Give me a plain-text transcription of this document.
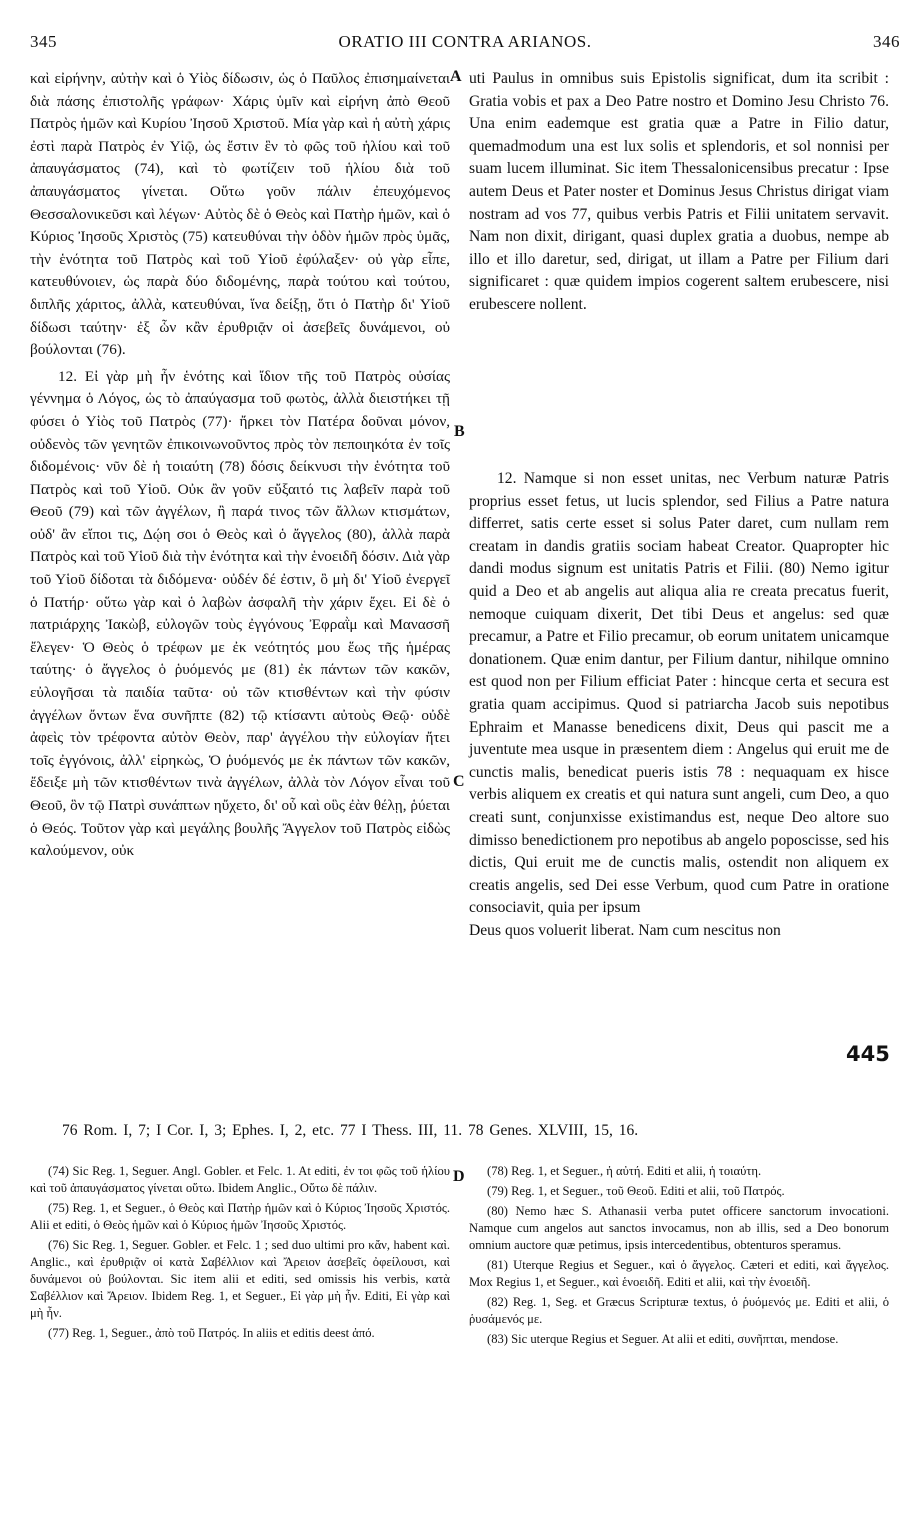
345	ORATIO III CONTRA ARIANOS.	346

καὶ εἰρήνην, αὐτὴν καὶ ὁ Υἱὸς δίδωσιν, ὡς ὁ Παῦλος ἐπισημαίνεται διὰ πάσης ἐπιστολῆς γράφων· Χάρις ὑμῖν καὶ εἰρήνη ἀπὸ Θεοῦ Πατρὸς ἡμῶν καὶ Κυρίου Ἰησοῦ Χριστοῦ. Μία γὰρ καὶ ἡ αὐτὴ χάρις ἐστὶ παρὰ Πατρὸς ἐν Υἱῷ, ὡς ἔστιν ἓν τὸ φῶς τοῦ ἡλίου καὶ τοῦ ἀπαυγάσματος (74), καὶ τὸ φωτίζειν τοῦ ἡλίου διὰ τοῦ ἀπαυγάσματος γίνεται. Οὕτω γοῦν πάλιν ἐπευχόμενος Θεσσαλονικεῦσι καὶ λέγων· Αὐτὸς δὲ ὁ Θεὸς καὶ Πατὴρ ἡμῶν, καὶ ὁ Κύριος Ἰησοῦς Χριστὸς (75) κατευθύναι τὴν ὁδὸν ἡμῶν πρὸς ὑμᾶς, τὴν ἑνότητα τοῦ Πατρὸς καὶ τοῦ Υἱοῦ ἐφύλαξεν· οὐ γὰρ εἶπε, κατευθύνοιεν, ὡς παρὰ δύο διδομένης, παρὰ τούτου καὶ τούτου, διπλῆς χάριτος, ἀλλὰ, κατευθύναι, ἵνα δείξῃ, ὅτι ὁ Πατὴρ δι' Υἱοῦ δίδωσι ταύτην· ἐξ ὧν κἂν ἐρυθριᾷν οἱ ἀσεβεῖς δυνάμενοι, οὐ βούλονται (76).

12. Εἰ γὰρ μὴ ἦν ἑνότης καὶ ἴδιον τῆς τοῦ Πατρὸς οὐσίας γέννημα ὁ Λόγος, ὡς τὸ ἀπαύγασμα τοῦ φωτὸς, ἀλλὰ διειστήκει τῇ φύσει ὁ Υἱὸς τοῦ Πατρὸς (77)· ἤρκει τὸν Πατέρα δοῦναι μόνον, οὐδενὸς τῶν γενητῶν ἐπικοινωνοῦντος πρὸς τὸν πεποιηκότα ἐν τοῖς διδομένοις· νῦν δὲ ἡ τοιαύτη (78) δόσις δείκνυσι τὴν ἑνότητα τοῦ Πατρὸς καὶ τοῦ Υἱοῦ. Οὐκ ἂν γοῦν εὔξαιτό τις λαβεῖν παρὰ τοῦ Θεοῦ (79) καὶ τῶν ἀγγέλων, ἢ παρά τινος τῶν ἄλλων κτισμάτων, οὐδ' ἂν εἴποι τις, Δῴη σοι ὁ Θεὸς καὶ ὁ ἄγγελος (80), ἀλλὰ παρὰ Πατρὸς καὶ τοῦ Υἱοῦ διὰ τὴν ἑνότητα καὶ τὴν ἑνοειδῆ δόσιν. Διὰ γὰρ τοῦ Υἱοῦ δίδοται τὰ διδόμενα· οὐδέν δέ ἐστιν, ὃ μὴ δι' Υἱοῦ ἐνεργεῖ ὁ Πατήρ· οὕτω γὰρ καὶ ὁ λαβὼν ἀσφαλῆ τὴν χάριν ἔχει. Εἰ δὲ ὁ πατριάρχης Ἰακὼβ, εὐλογῶν τοὺς ἐγγόνους Ἐφραῒμ καὶ Μανασσῆ ἔλεγεν· Ὁ Θεὸς ὁ τρέφων με ἐκ νεότητός μου ἕως τῆς ἡμέρας ταύτης· ὁ ἄγγελος ὁ ῥυόμενός με (81) ἐκ πάντων τῶν κακῶν, εὐλογῆσαι τὰ παιδία ταῦτα· οὐ τῶν κτισθέντων καὶ τὴν φύσιν ἀγγέλων ὄντων ἕνα συνῆπτε (82) τῷ κτίσαντι αὐτοὺς Θεῷ· οὐδὲ ἀφεὶς τὸν τρέφοντα αὐτὸν Θεὸν, παρ' ἀγγέλου τὴν εὐλογίαν ἤτει τοῖς ἐγγόνοις, ἀλλ' εἰρηκὼς, Ὁ ῥυόμενός με ἐκ πάντων τῶν κακῶν, ἔδειξε μὴ τῶν κτισθέντων τινὰ ἀγγέλων, ἀλλὰ τὸν Λόγον εἶναι τοῦ Θεοῦ, ὃν τῷ Πατρὶ συνάπτων ηὔχετο, δι' οὗ καὶ οὓς ἐὰν θέλῃ, ῥύεται ὁ Θεός. Τοῦτον γὰρ καὶ μεγάλης βουλῆς Ἄγγελον τοῦ Πατρὸς εἰδὼς καλούμενον, οὐκ

uti Paulus in omnibus suis Epistolis significat, dum ita scribit : Gratia vobis et pax a Deo Patre nostro et Domino Jesu Christo 76. Una enim eademque est gratia quæ a Patre in Filio datur, quemadmodum una est lux solis et splendoris, et sol nonnisi per suam lucem illuminat. Sic item Thessalonicensibus precatur : Ipse autem Deus et Pater noster et Dominus Jesus Christus dirigat viam nostram ad vos 77, quibus verbis Patris et Filii unitatem servavit. Nam non dixit, dirigant, quasi duplex gratia a duobus, nempe ab illo et illo daretur, sed, dirigat, ut illam a Patre per Filium dari significaret : quæ quidem impios cogerent saltem erubescere, nisi erubescere nollent.

12. Namque si non esset unitas, nec Verbum naturæ Patris proprius esset fetus, ut lucis splendor, sed Filius a Patre natura differret, satis certe esset si solus Pater daret, cum nullam rem creatam in dandis gratiis sociam habeat Creator. Quapropter hic dandi modus signum est unitatis Patris et Filii. (80) Nemo igitur quid a Deo et ab angelis aut aliqua alia re creata precatus fuerit, nemoque cuiquam dixerit, Det tibi Deus et angelus: sed quæ precamur, a Patre et Filio precamur, ob eorum unitatem unicamque donationem. Quæ enim dantur, per Filium dantur, nihilque omnino est quod non per Filium efficiat Pater : hincque certa et secura est gratia quam accipimus. Quod si patriarcha Jacob suis nepotibus Ephraim et Manasse benedicens dixit, Deus qui pascit me a juventute mea usque in præsentem diem : Angelus qui eruit me de cunctis malis, benedicat pueris istis 78 : nequaquam ex hisce verbis aliquem ex creatis et qui natura sunt angeli, cum Deo, a quo creati sunt, conjunxisse existimandus est, neque Deo altore suo dimisso benedictionem pro nepotibus ab angelo poposcisse, sed his dictis, Qui eruit me de cunctis malis, ostendit non aliquem ex creatis angelis, sed Dei esse Verbum, quod cum Patre in oratione consociavit, quia per ipsum

Deus quos voluerit liberat. Nam cum nescitus non

445
A
B
C
D
76 Rom. I, 7; I Cor. I, 3; Ephes. I, 2, etc. 77 I Thess. III, 11. 78 Genes. XLVIII, 15, 16.

(74) Sic Reg. 1, Seguer. Angl. Gobler. et Felc. 1. At editi, ἐν τοι φῶς τοῦ ἡλίου καὶ τοῦ ἀπαυγάσματος γίνεται οὕτω. Ibidem Anglic., Οὕτω δὲ πάλιν.

(75) Reg. 1, et Seguer., ὁ Θεὸς καὶ Πατὴρ ἡμῶν καὶ ὁ Κύριος Ἰησοῦς Χριστός. Alii et editi, ὁ Θεὸς ἡμῶν καὶ ὁ Κύριος ἡμῶν Ἰησοῦς Χριστός.

(76) Sic Reg. 1, Seguer. Gobler. et Felc. 1 ; sed duo ultimi pro κἄν, habent καὶ. Anglic., καὶ ἐρυθριᾷν οἱ κατὰ Σαβέλλιον καὶ Ἄρειον ἀσεβεῖς ὀφείλουσι, καὶ δυνάμενοι οὐ βούλονται. Sic item alii et editi, sed omissis his verbis, κατὰ Σαβέλλιον καὶ Ἄρειον. Ibidem Reg. 1, et Seguer., Εἰ γὰρ μὴ ἦν. Editi, Εἰ γὰρ καὶ μὴ ἦν.

(77) Reg. 1, Seguer., ἀπὸ τοῦ Πατρός. In aliis et editis deest ἀπό.

(78) Reg. 1, et Seguer., ἡ αὐτή. Editi et alii, ἡ τοιαύτη.

(79) Reg. 1, et Seguer., τοῦ Θεοῦ. Editi et alii, τοῦ Πατρός.

(80) Nemo hæc S. Athanasii verba putet officere sanctorum invocationi. Namque cum angelos aut sanctos invocamus, non ab illis, sed a Deo bonorum omnium auctore quæ petimus, ipsis intercedentibus, obtenturos speramus.

(81) Uterque Regius et Seguer., καὶ ὁ ἄγγελος. Cæteri et editi, καὶ ἄγγελος. Mox Regius 1, et Seguer., καὶ ἑνοειδῆ. Editi et alii, καὶ τὴν ἑνοειδῆ.

(82) Reg. 1, Seg. et Græcus Scripturæ textus, ὁ ῥυόμενός με. Editi et alii, ὁ ῥυσάμενός με.

(83) Sic uterque Regius et Seguer. At alii et editi, συνῆπται, mendose.
